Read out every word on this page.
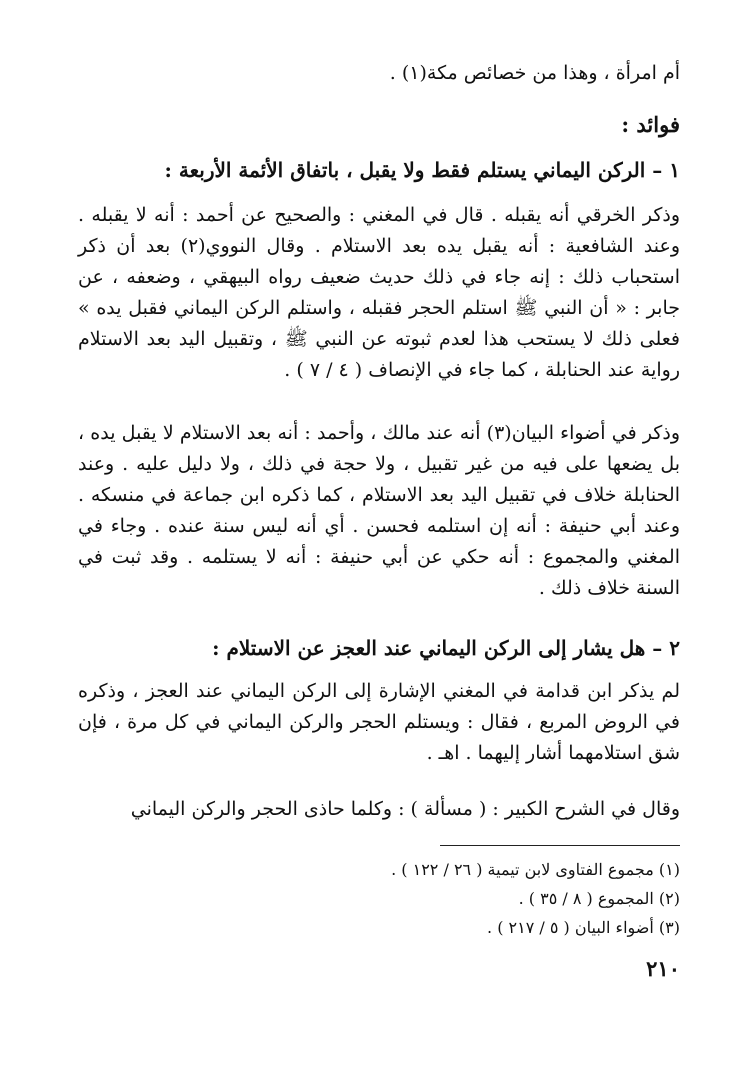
أم امرأة ، وهذا من خصائص مكة(١) .

فوائد :
١ – الركن اليماني يستلم فقط ولا يقبل ، باتفاق الأئمة الأربعة :

وذكر الخرقي أنه يقبله . قال في المغني : والصحيح عن أحمد : أنه لا يقبله . وعند الشافعية : أنه يقبل يده بعد الاستلام . وقال النووي(٢) بعد أن ذكر استحباب ذلك : إنه جاء في ذلك حديث ضعيف رواه البيهقي ، وضعفه ، عن جابر : « أن النبي ﷺ استلم الحجر فقبله ، واستلم الركن اليماني فقبل يده » فعلى ذلك لا يستحب هذا لعدم ثبوته عن النبي ﷺ ، وتقبيل اليد بعد الاستلام رواية عند الحنابلة ، كما جاء في الإنصاف ( ٤ / ٧ ) .

وذكر في أضواء البيان(٣) أنه عند مالك ، وأحمد : أنه بعد الاستلام لا يقبل يده ، بل يضعها على فيه من غير تقبيل ، ولا حجة في ذلك ، ولا دليل عليه . وعند الحنابلة خلاف في تقبيل اليد بعد الاستلام ، كما ذكره ابن جماعة في منسكه . وعند أبي حنيفة : أنه إن استلمه فحسن . أي أنه ليس سنة عنده . وجاء في المغني والمجموع : أنه حكي عن أبي حنيفة : أنه لا يستلمه . وقد ثبت في السنة خلاف ذلك .

٢ – هل يشار إلى الركن اليماني عند العجز عن الاستلام :

لم يذكر ابن قدامة في المغني الإشارة إلى الركن اليماني عند العجز ، وذكره في الروض المربع ، فقال : ويستلم الحجر والركن اليماني في كل مرة ، فإن شق استلامهما أشار إليهما . اهـ .

وقال في الشرح الكبير : ( مسألة ) : وكلما حاذى الحجر والركن اليماني

(١) مجموع الفتاوى لابن تيمية ( ٢٦ / ١٢٢ ) .
(٢) المجموع ( ٨ / ٣٥ ) .
(٣) أضواء البيان ( ٥ / ٢١٧ ) .
٢١٠
